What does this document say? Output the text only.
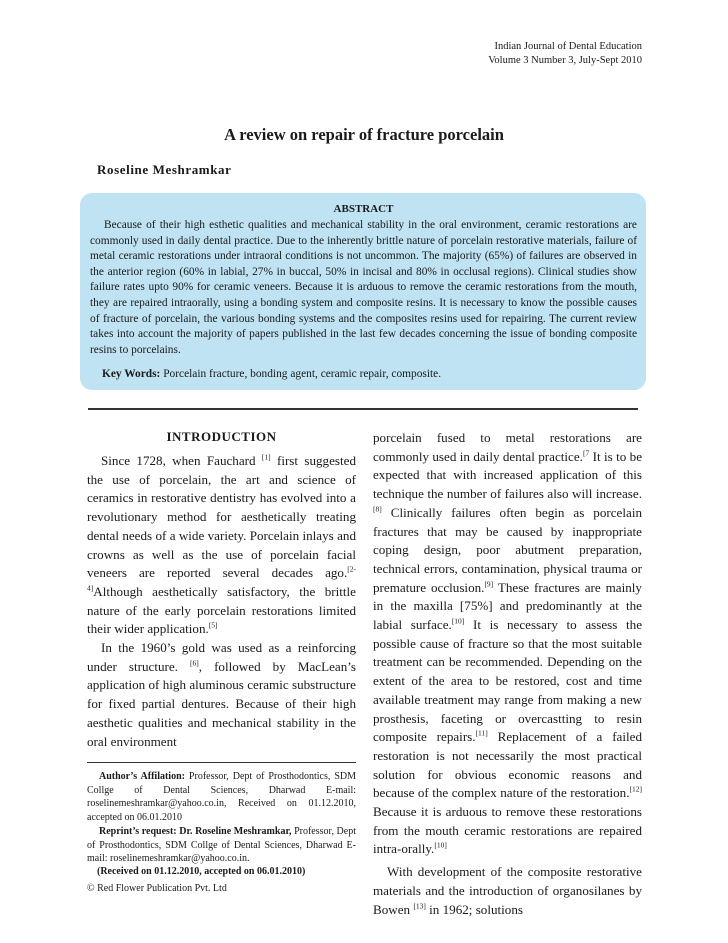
Indian Journal of Dental Education
Volume 3 Number 3, July-Sept 2010
A review on repair of fracture porcelain
Roseline Meshramkar
ABSTRACT

Because of their high esthetic qualities and mechanical stability in the oral environment, ceramic restorations are commonly used in daily dental practice. Due to the inherently brittle nature of porcelain restorative materials, failure of metal ceramic restorations under intraoral conditions is not uncommon. The majority (65%) of failures are observed in the anterior region (60% in labial, 27% in buccal, 50% in incisal and 80% in occlusal regions). Clinical studies show failure rates upto 90% for ceramic veneers. Because it is arduous to remove the ceramic restorations from the mouth, they are repaired intraorally, using a bonding system and composite resins. It is necessary to know the possible causes of fracture of porcelain, the various bonding systems and the composites resins used for repairing. The current review takes into account the majority of papers published in the last few decades concerning the issue of bonding composite resins to porcelains.

Key Words: Porcelain fracture, bonding agent, ceramic repair, composite.
INTRODUCTION

Since 1728, when Fauchard [1] first suggested the use of porcelain, the art and science of ceramics in restorative dentistry has evolved into a revolutionary method for aesthetically treating dental needs of a wide variety. Porcelain inlays and crowns as well as the use of porcelain facial veneers are reported several decades ago.[2-4]Although aesthetically satisfactory, the brittle nature of the early porcelain restorations limited their wider application.[5]

In the 1960’s gold was used as a reinforcing under structure. [6], followed by MacLean’s application of high aluminous ceramic substructure for fixed partial dentures. Because of their high aesthetic qualities and mechanical stability in the oral environment

porcelain fused to metal restorations are commonly used in daily dental practice.$^{[7}$ It is to be expected that with increased application of this technique the number of failures also will increase.[8] Clinically failures often begin as porcelain fractures that may be caused by inappropriate coping design, poor abutment preparation, technical errors, contamination, physical trauma or premature occlusion.[9] These fractures are mainly in the maxilla [75%] and predominantly at the labial surface.[10] It is necessary to assess the possible cause of fracture so that the most suitable treatment can be recommended. Depending on the extent of the area to be restored, cost and time available treatment may range from making a new prosthesis, faceting or overcastting to resin composite repairs.[11] Replacement of a failed restoration is not necessarily the most practical solution for obvious economic reasons and because of the complex nature of the restoration.[12] Because it is arduous to remove these restorations from the mouth ceramic restorations are repaired intra-orally.[10]

With development of the composite restorative materials and the introduction of organosilanes by Bowen [13] in 1962; solutions

Author’s Affilation: Professor, Dept of Prosthodontics, SDM Collge of Dental Sciences, Dharwad E-mail: roselinemeshramkar@yahoo.co.in, Received on 01.12.2010, accepted on 06.01.2010
Reprint’s request: Dr. Roseline Meshramkar, Professor, Dept of Prosthodontics, SDM Collge of Dental Sciences, Dharwad E-mail: roselinemeshramkar@yahoo.co.in.
(Received on 01.12.2010, accepted on 06.01.2010)
© Red Flower Publication Pvt. Ltd
